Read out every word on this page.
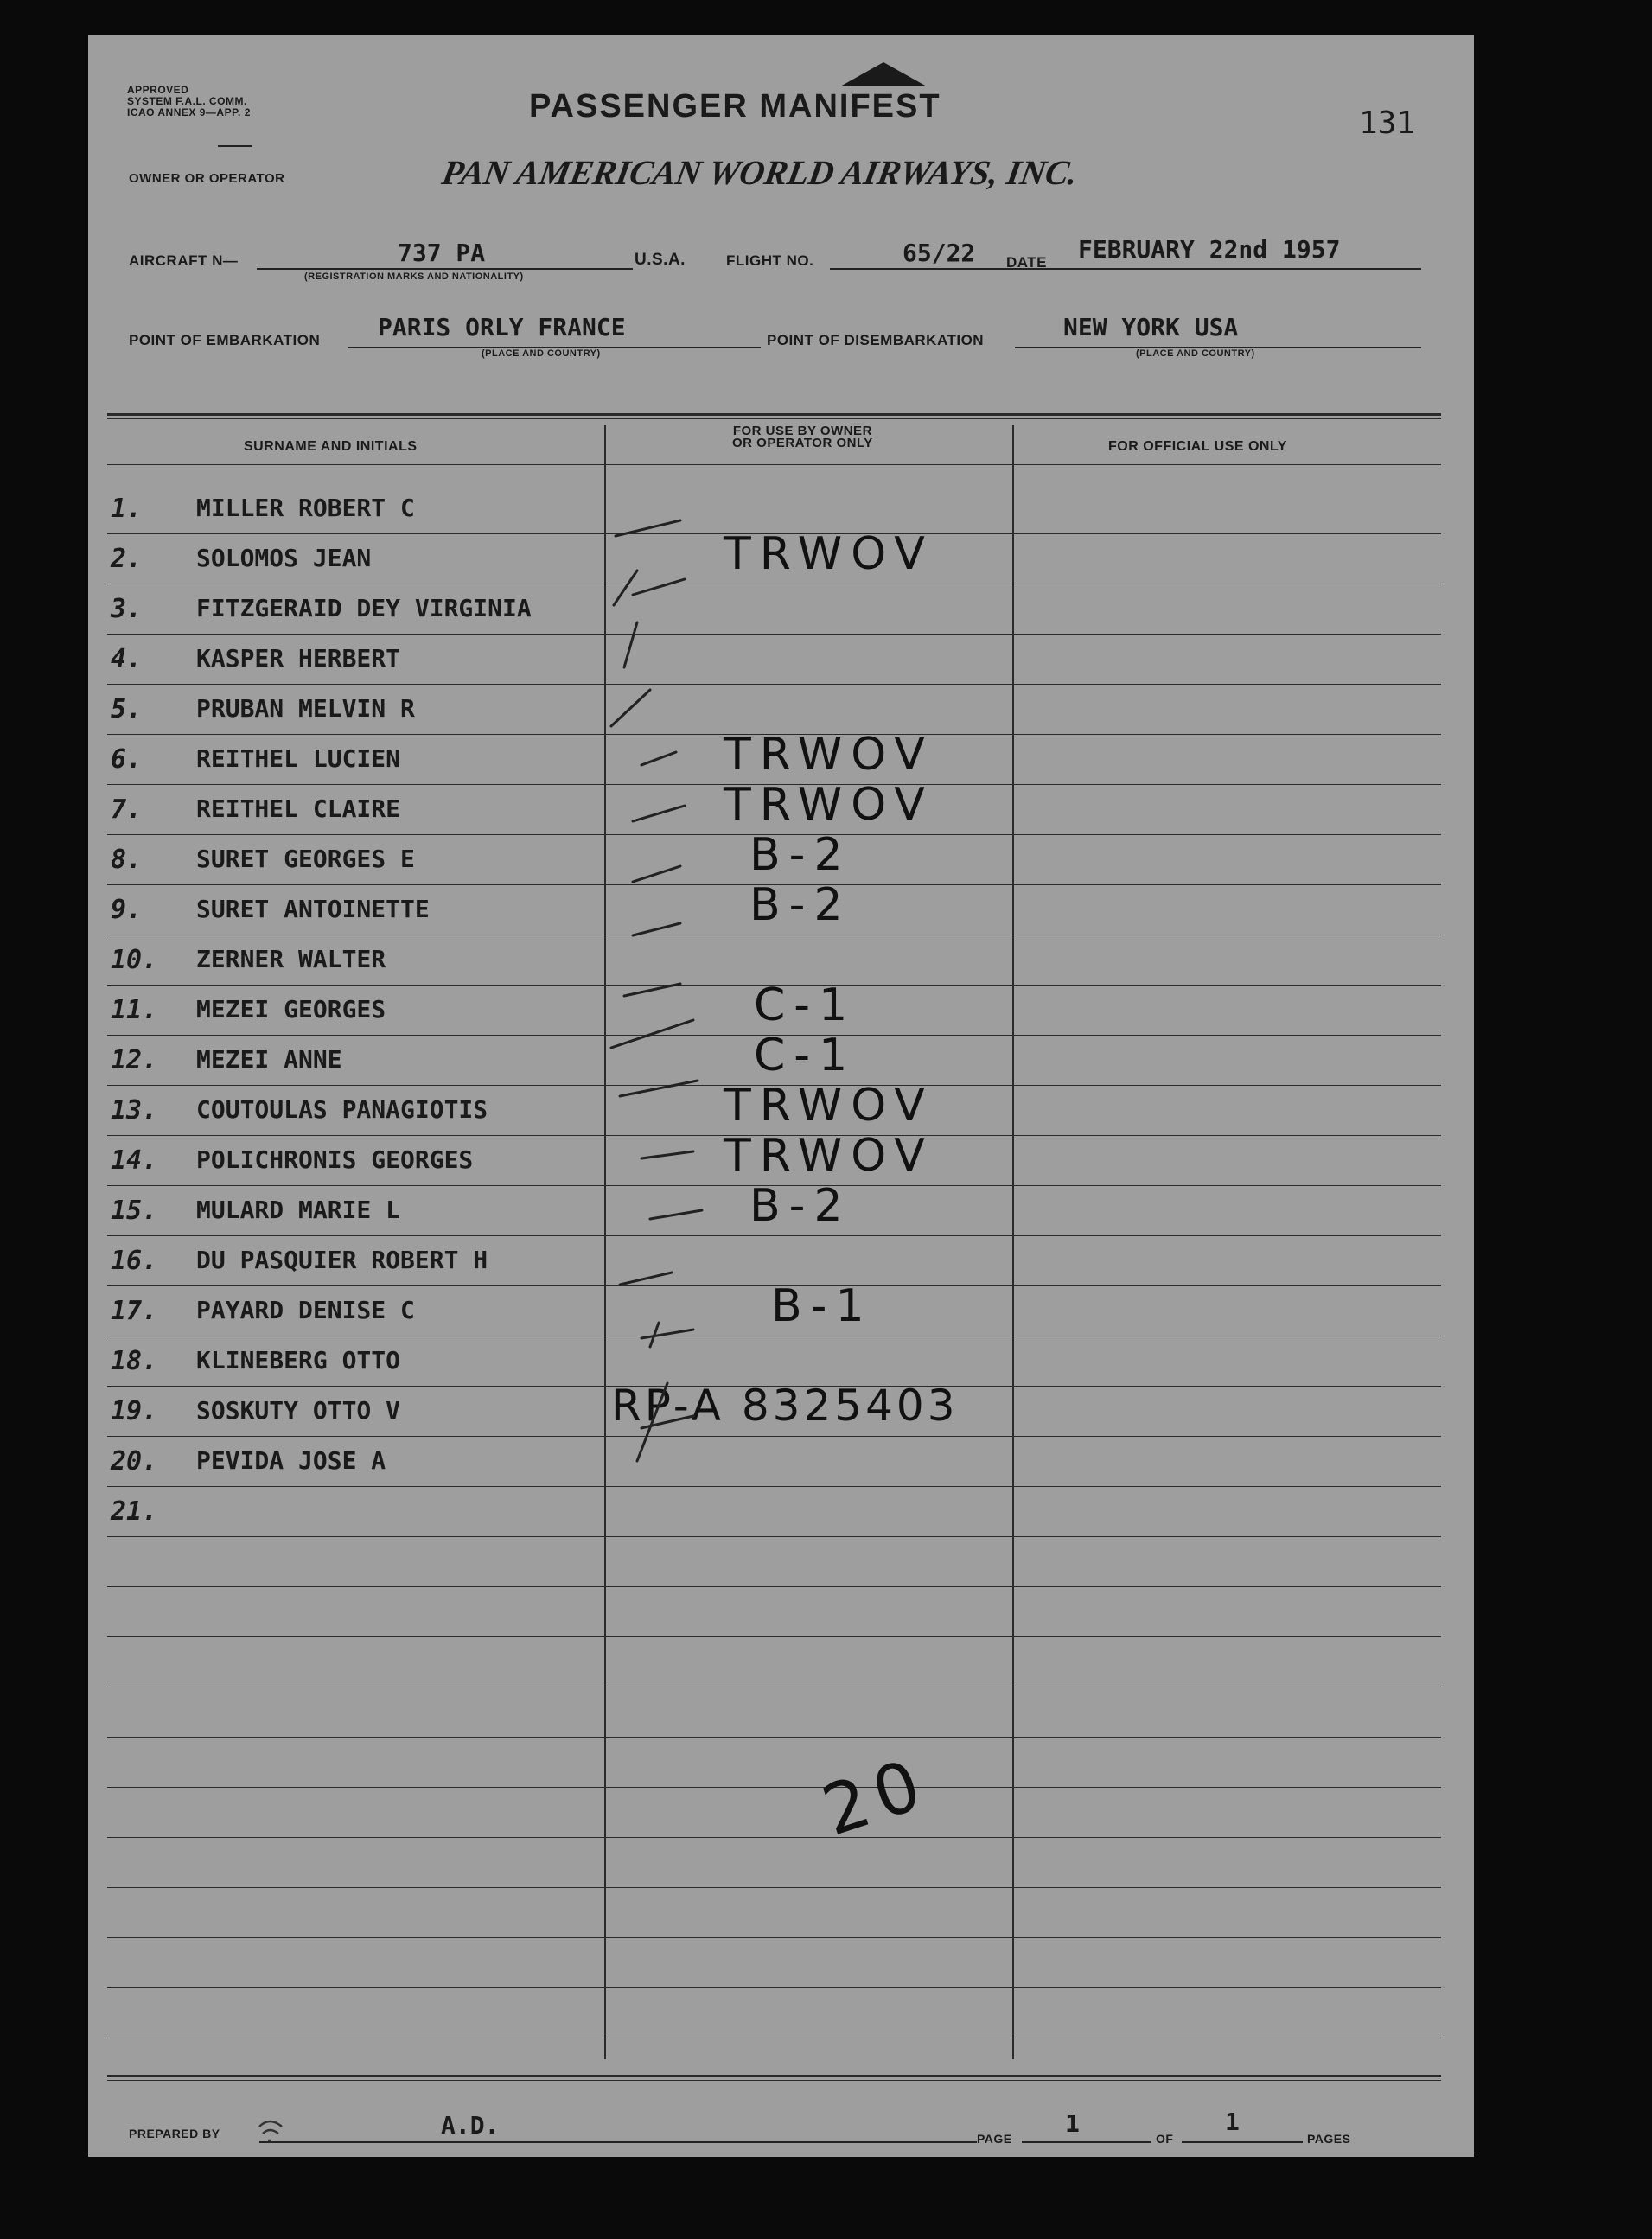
APPROVED
SYSTEM F.A.L. COMM.
ICAO ANNEX 9—APP. 2
OWNER OR OPERATOR
PASSENGER MANIFEST
PAN AMERICAN WORLD AIRWAYS, INC.
131
AIRCRAFT N—	737 PA
(REGISTRATION MARKS AND NATIONALITY)
U.S.A.	FLIGHT NO.	65/22 DATE FEBRUARY 22nd 1957
POINT OF EMBARKATION PARIS ORLY FRANCE
(PLACE AND COUNTRY)
POINT OF DISEMBARKATION	NEW YORK USA
(PLACE AND COUNTRY)
SURNAME AND INITIALS
FOR USE BY OWNER
OR OPERATOR ONLY	FOR OFFICIAL USE ONLY
1.	MILLER ROBERT C
2.	SOLOMOS JEAN	TRWOV
3.	FITZGERAID DEY VIRGINIA
4.	KASPER HERBERT
5.	PRUBAN MELVIN R
6.	REITHEL LUCIEN	TRWOV
7.	REITHEL CLAIRE	TRWOV
8.	SURET GEORGES E	B-2
9.	SURET ANTOINETTE	B-2
10. ZERNER WALTER
11. MEZEI GEORGES	C-1
12. MEZEI ANNE	C-1
13. COUTOULAS PANAGIOTIS	TRWOV
14. POLICHRONIS GEORGES	TRWOV
15. MULARD MARIE L	B-2
16. DU PASQUIER ROBERT H
17. PAYARD DENISE C	B-1
18. KLINEBERG OTTO
19. SOSKUTY OTTO V	RP-A 8325403
20. PEVIDA JOSE A
21.
20
PREPARED BY	A.D.	PAGE
1
OF
1
PAGES
